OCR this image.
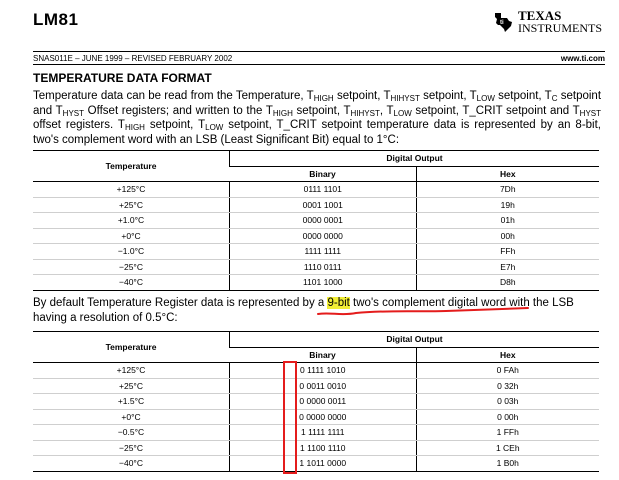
LM81	ti TEXAS
INSTRUMENTS
SNAS011E – JUNE 1999 – REVISED FEBRUARY 2002	www.ti.com
TEMPERATURE DATA FORMAT
Temperature data can be read from the Temperature, $T_{HIGH}$ setpoint, $T_{HIHYST}$ setpoint, $T_{LOW}$ setpoint, $T_C$ setpoint and $T_{HYST}$ Offset registers; and written to the $T_{HIGH}$ setpoint, $T_{HIHYST}$, $T_{LOW}$ setpoint, T_CRIT setpoint and $T_{HYST}$ offset registers. $T_{HIGH}$ setpoint, $T_{LOW}$ setpoint, T_CRIT setpoint temperature data is represented by an 8-bit, two's complement word with an LSB (Least Significant Bit) equal to 1°C:
Temperature	Digital Output	
	Binary	Hex
+125°C	0111 1101	7Dh
+25°C	0001 1001	19h
+1.0°C	0000 0001	01h
+0°C	0000 0000	00h
−1.0°C	1111 1111	FFh
−25°C	1110 0111	E7h
−40°C	1101 1000	D8h
By default Temperature Register data is represented by a 9-bit two's complement digital word with the LSB having a resolution of 0.5°C:
Temperature	Digital Output	
	Binary	Hex
+125°C	0 1111 1010	0 FAh
+25°C	0 0011 0010	0 32h
+1.5°C	0 0000 0011	0 03h
+0°C	0 0000 0000	0 00h
−0.5°C	1 1111 1111	1 FFh
−25°C	1 1100 1110	1 CEh
−40°C	1 1011 0000	1 B0h
